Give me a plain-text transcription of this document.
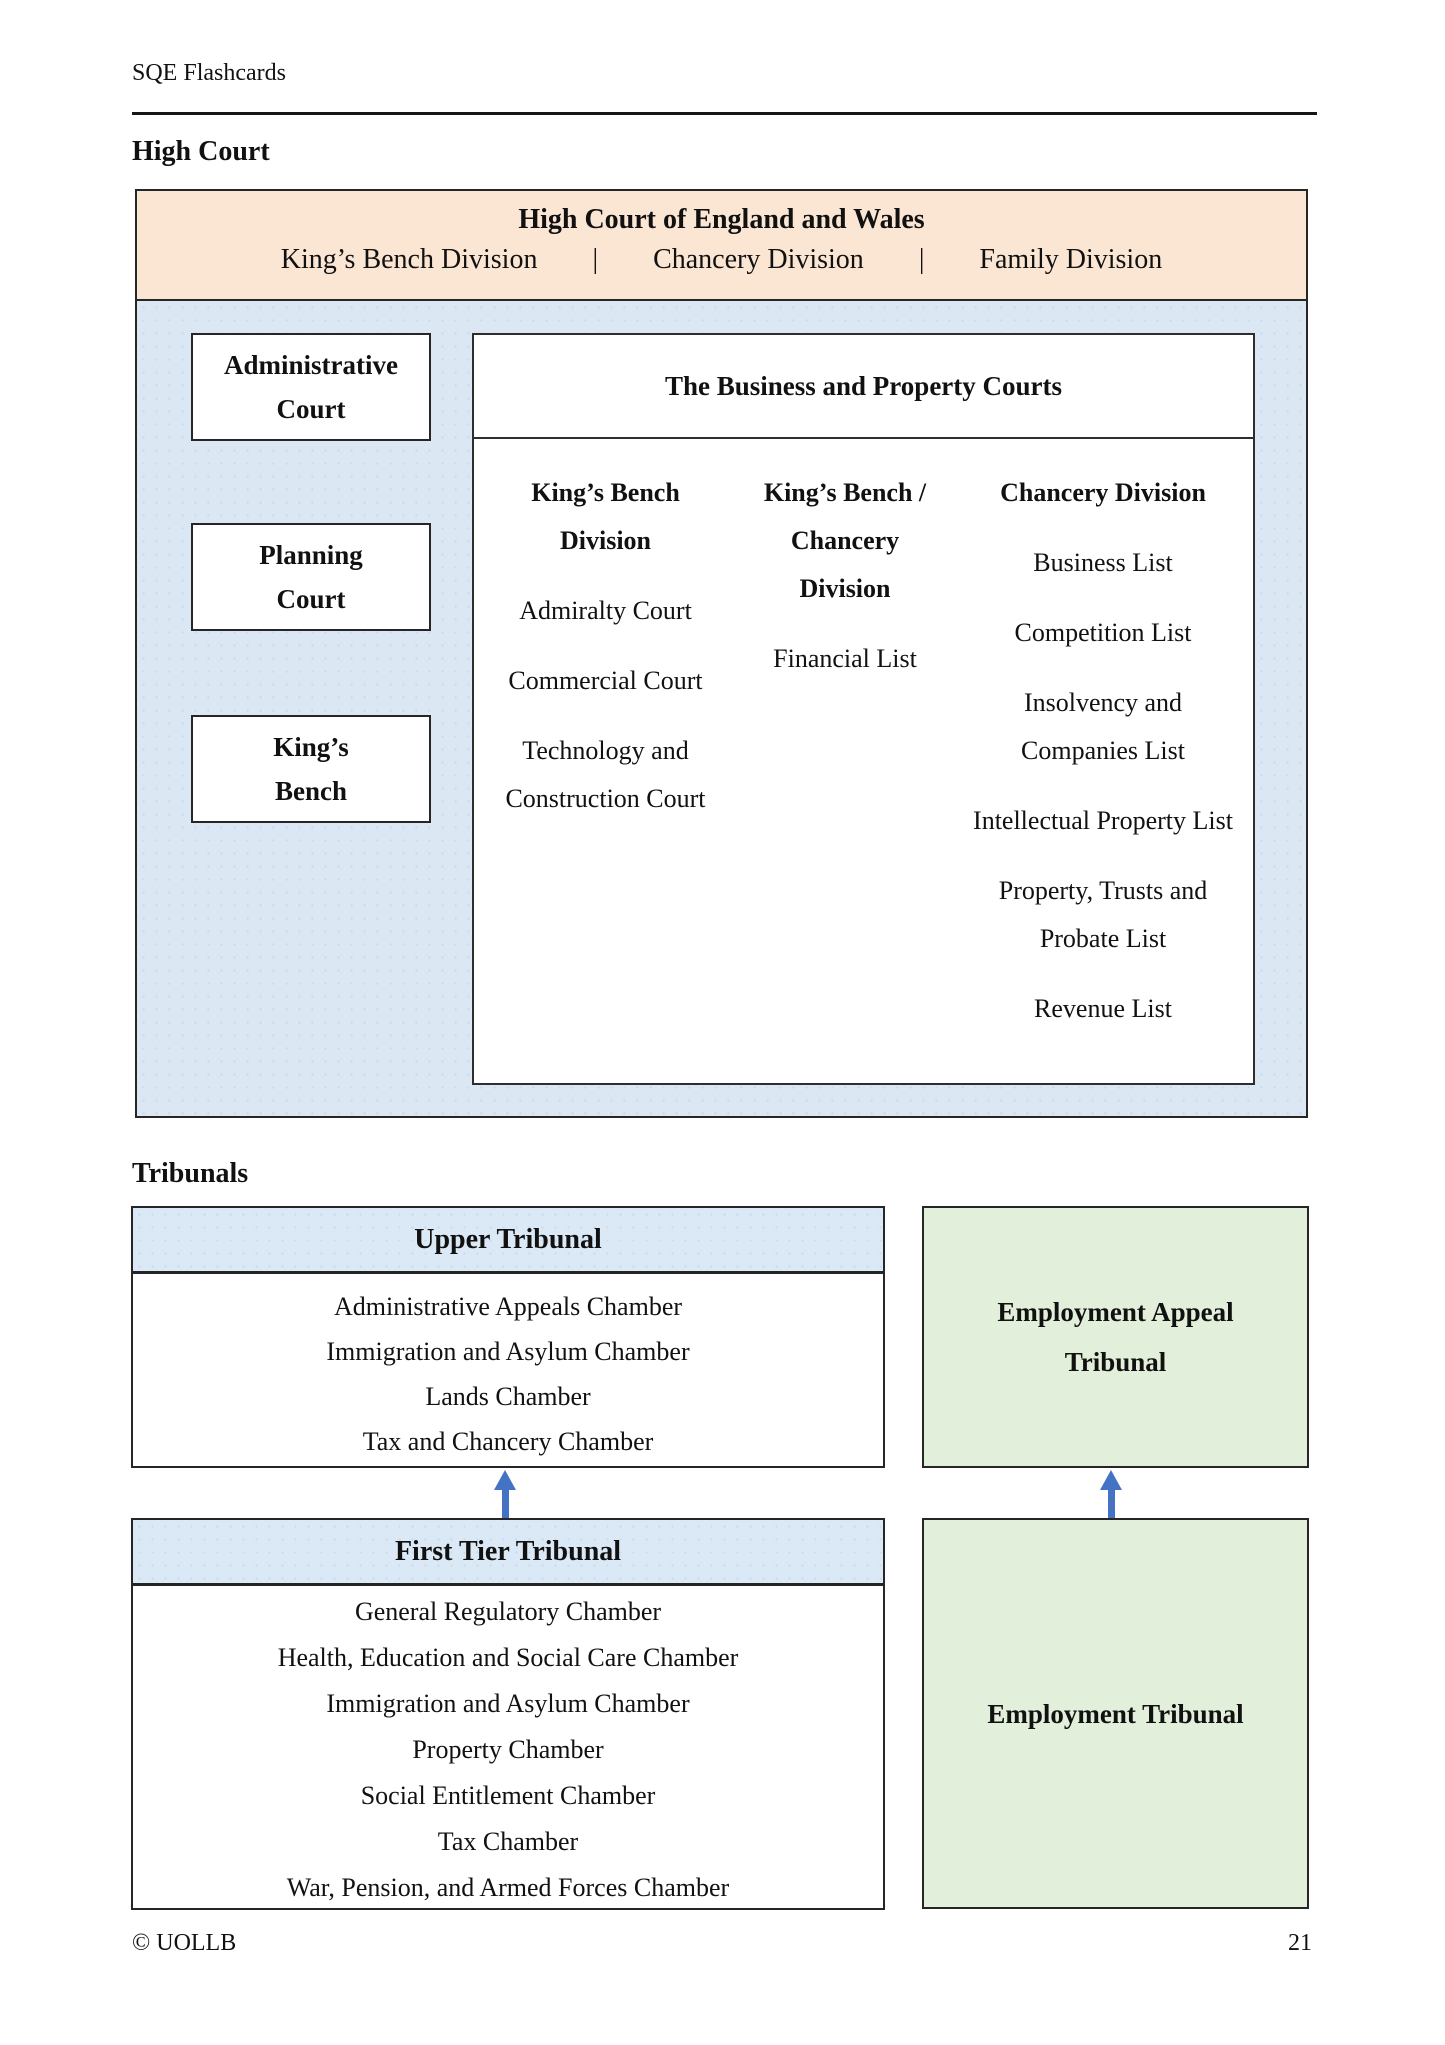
SQE Flashcards
High Court
High Court of England and Wales
King’s Bench Division | Chancery Division | Family Division
Administrative
Court
Planning
Court
King’s
Bench
The Business and Property Courts
King’s Bench
Division
Admiralty Court
Commercial Court
Technology and Construction Court
King’s Bench /
Chancery
Division
Financial List
Chancery Division
Business List
Competition List
Insolvency and Companies List
Intellectual Property List
Property, Trusts and Probate List
Revenue List
Tribunals
Upper Tribunal
Administrative Appeals Chamber
Immigration and Asylum Chamber
Lands Chamber
Tax and Chancery Chamber
Employment Appeal Tribunal
First Tier Tribunal
General Regulatory Chamber
Health, Education and Social Care Chamber
Immigration and Asylum Chamber
Property Chamber
Social Entitlement Chamber
Tax Chamber
War, Pension, and Armed Forces Chamber
Employment Tribunal
© UOLLB	21
